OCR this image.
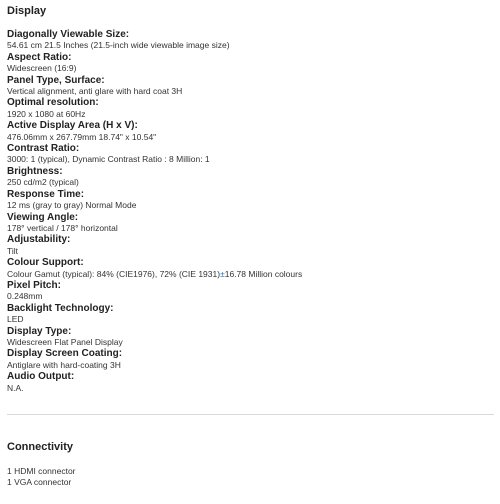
Display
Diagonally Viewable Size:
54.61 cm 21.5 Inches (21.5-inch wide viewable image size)
Aspect Ratio:
Widescreen (16:9)
Panel Type, Surface:
Vertical alignment, anti glare with hard coat 3H
Optimal resolution:
1920 x 1080 at 60Hz
Active Display Area (H x V):
476.06mm x 267.79mm 18.74" x 10.54"
Contrast Ratio:
3000: 1 (typical), Dynamic Contrast Ratio : 8 Million: 1
Brightness:
250 cd/m2 (typical)
Response Time:
12 ms (gray to gray) Normal Mode
Viewing Angle:
178° vertical / 178° horizontal
Adjustability:
Tilt
Colour Support:
Colour Gamut (typical): 84% (CIE1976), 72% (CIE 1931)±16.78 Million colours
Pixel Pitch:
0.248mm
Backlight Technology:
LED
Display Type:
Widescreen Flat Panel Display
Display Screen Coating:
Antiglare with hard-coating 3H
Audio Output:
N.A.
Connectivity
1 HDMI connector
1 VGA connector
